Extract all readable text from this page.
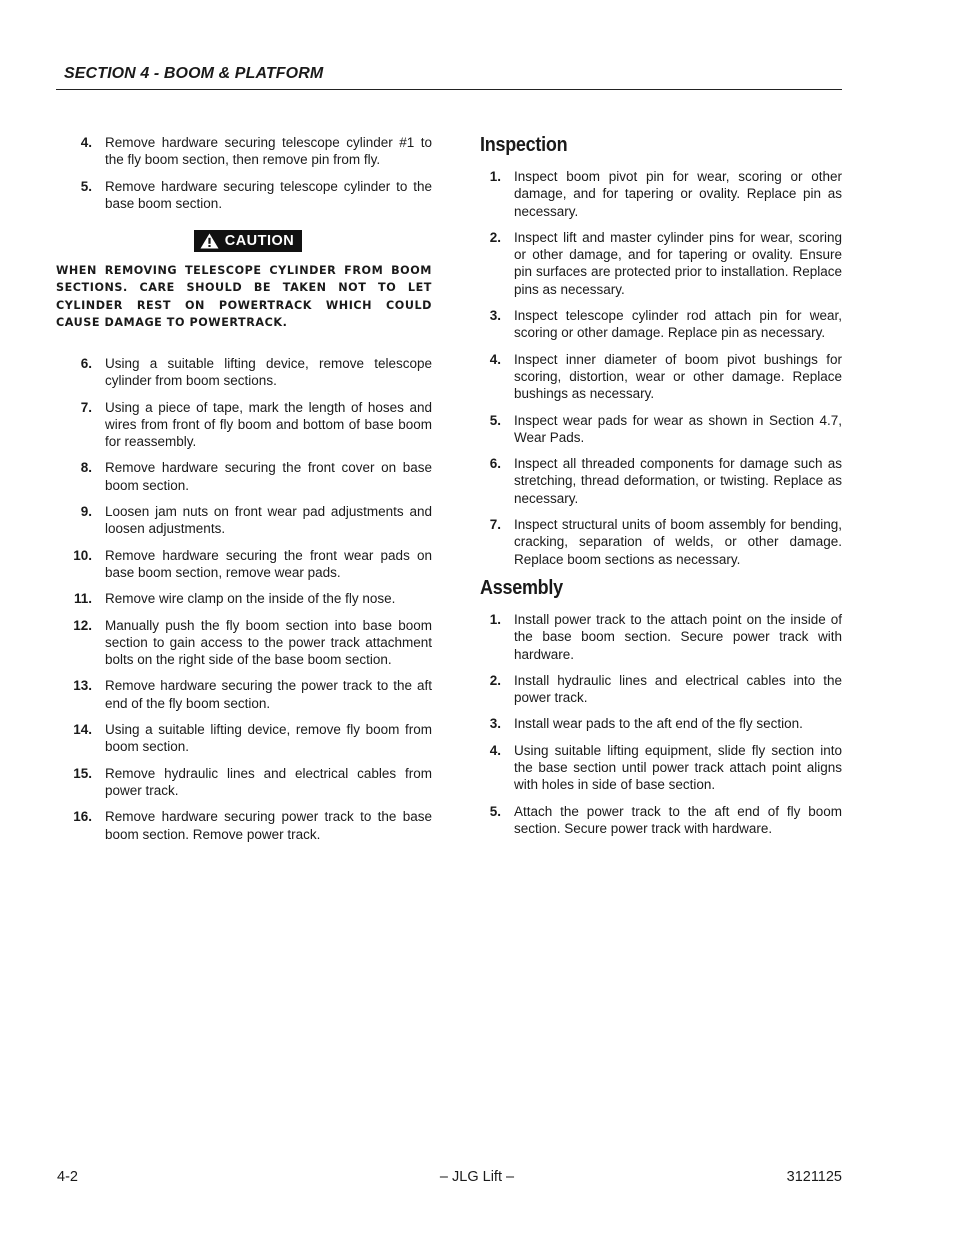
SECTION 4 - BOOM & PLATFORM
4. Remove hardware securing telescope cylinder #1 to the fly boom section, then remove pin from fly.
5. Remove hardware securing telescope cylinder to the base boom section.
CAUTION
WHEN REMOVING TELESCOPE CYLINDER FROM BOOM SECTIONS. CARE SHOULD BE TAKEN NOT TO LET CYLINDER REST ON POWERTRACK WHICH COULD CAUSE DAMAGE TO POWERTRACK.
6. Using a suitable lifting device, remove telescope cylinder from boom sections.
7. Using a piece of tape, mark the length of hoses and wires from front of fly boom and bottom of base boom for reassembly.
8. Remove hardware securing the front cover on base boom section.
9. Loosen jam nuts on front wear pad adjustments and loosen adjustments.
10. Remove hardware securing the front wear pads on base boom section, remove wear pads.
11. Remove wire clamp on the inside of the fly nose.
12. Manually push the fly boom section into base boom section to gain access to the power track attachment bolts on the right side of the base boom section.
13. Remove hardware securing the power track to the aft end of the fly boom section.
14. Using a suitable lifting device, remove fly boom from boom section.
15. Remove hydraulic lines and electrical cables from power track.
16. Remove hardware securing power track to the base boom section. Remove power track.
Inspection
1. Inspect boom pivot pin for wear, scoring or other damage, and for tapering or ovality. Replace pin as necessary.
2. Inspect lift and master cylinder pins for wear, scoring or other damage, and for tapering or ovality. Ensure pin surfaces are protected prior to installation. Replace pins as necessary.
3. Inspect telescope cylinder rod attach pin for wear, scoring or other damage. Replace pin as necessary.
4. Inspect inner diameter of boom pivot bushings for scoring, distortion, wear or other damage. Replace bushings as necessary.
5. Inspect wear pads for wear as shown in Section 4.7, Wear Pads.
6. Inspect all threaded components for damage such as stretching, thread deformation, or twisting. Replace as necessary.
7. Inspect structural units of boom assembly for bending, cracking, separation of welds, or other damage. Replace boom sections as necessary.
Assembly
1. Install power track to the attach point on the inside of the base boom section. Secure power track with hardware.
2. Install hydraulic lines and electrical cables into the power track.
3. Install wear pads to the aft end of the fly section.
4. Using suitable lifting equipment, slide fly section into the base section until power track attach point aligns with holes in side of base section.
5. Attach the power track to the aft end of fly boom section. Secure power track with hardware.
4-2	– JLG Lift –	3121125
